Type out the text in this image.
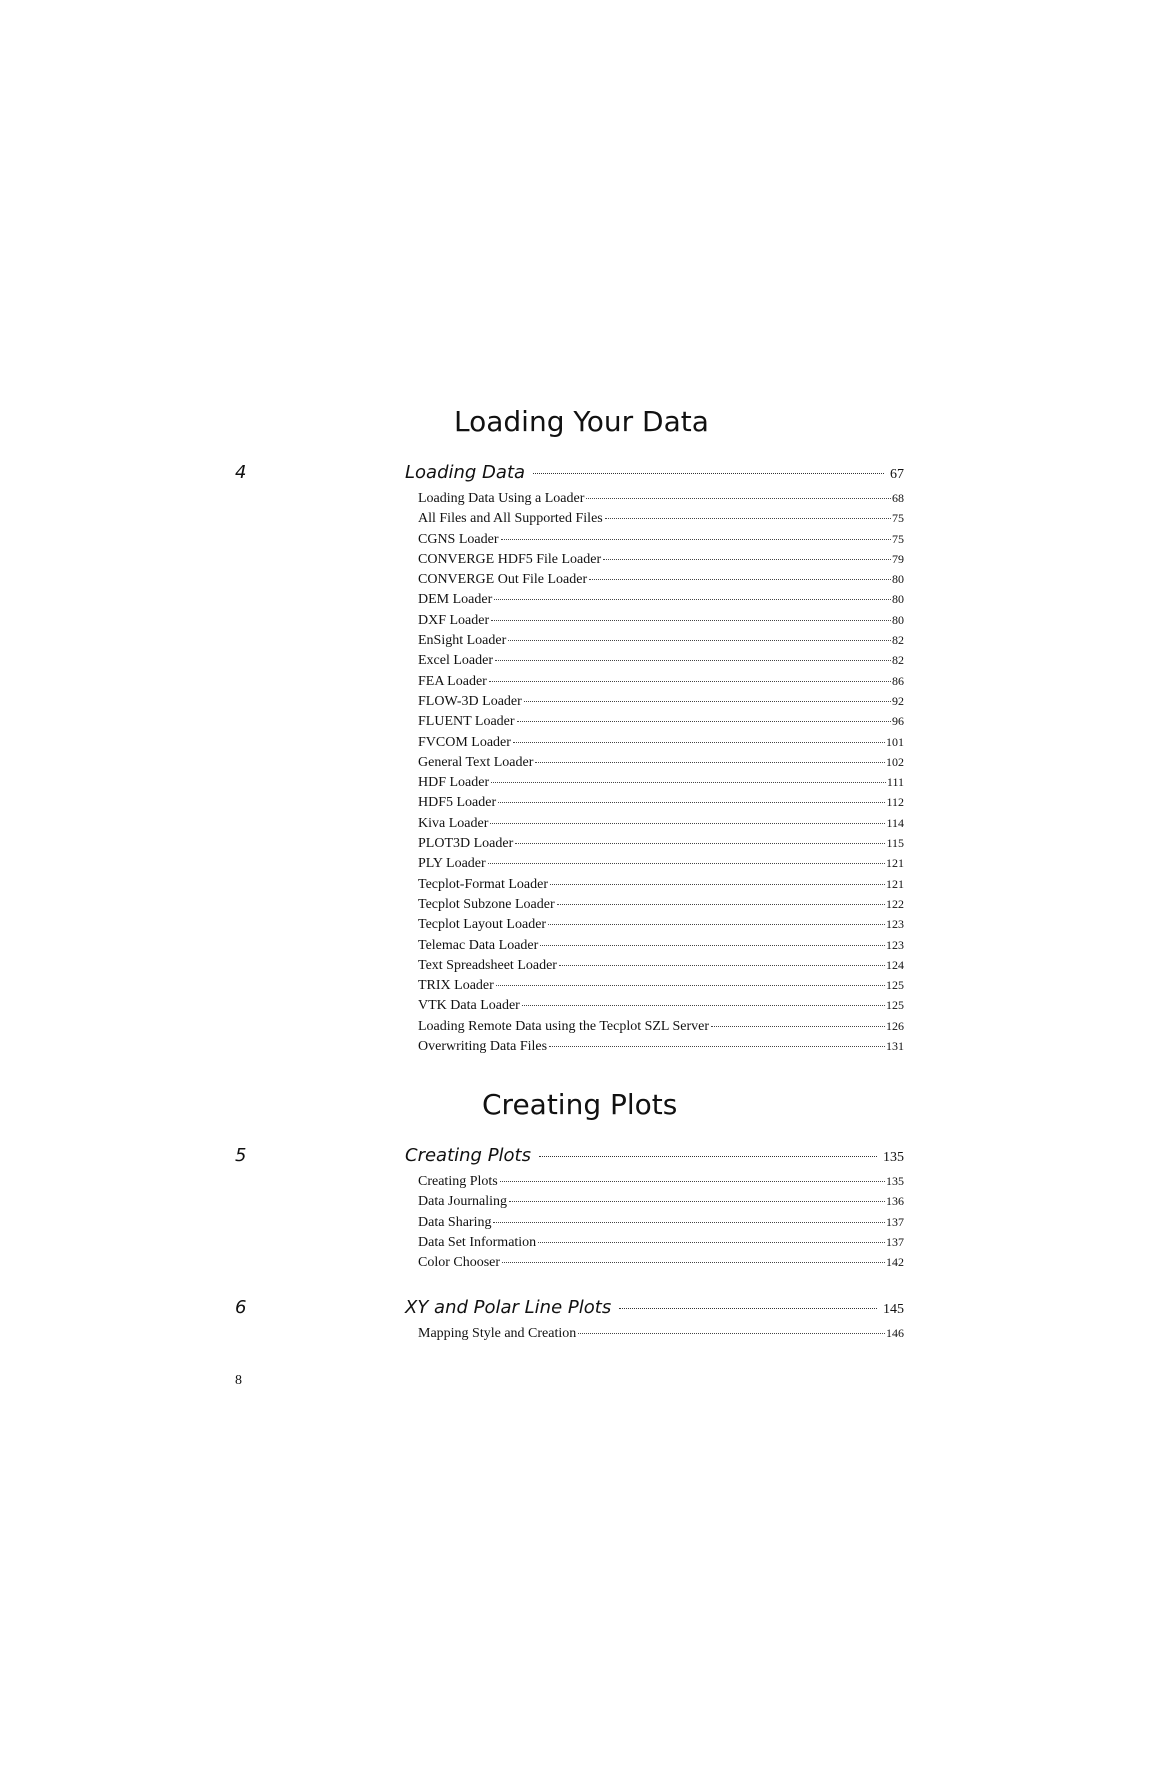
Loading Your Data
4	Loading Data	67
Loading Data Using a Loader	68
All Files and All Supported Files	75
CGNS Loader	75
CONVERGE HDF5 File Loader	79
CONVERGE Out File Loader	80
DEM Loader	80
DXF Loader	80
EnSight Loader	82
Excel Loader	82
FEA Loader	86
FLOW-3D Loader	92
FLUENT Loader	96
FVCOM Loader	101
General Text Loader	102
HDF Loader	111
HDF5 Loader	112
Kiva Loader	114
PLOT3D Loader	115
PLY Loader	121
Tecplot-Format Loader	121
Tecplot Subzone Loader	122
Tecplot Layout Loader	123
Telemac Data Loader	123
Text Spreadsheet Loader	124
TRIX Loader	125
VTK Data Loader	125
Loading Remote Data using the Tecplot SZL Server	126
Overwriting Data Files	131
Creating Plots
5	Creating Plots	135
Creating Plots	135
Data Journaling	136
Data Sharing	137
Data Set Information	137
Color Chooser	142
6	XY and Polar Line Plots	145
Mapping Style and Creation	146
8
